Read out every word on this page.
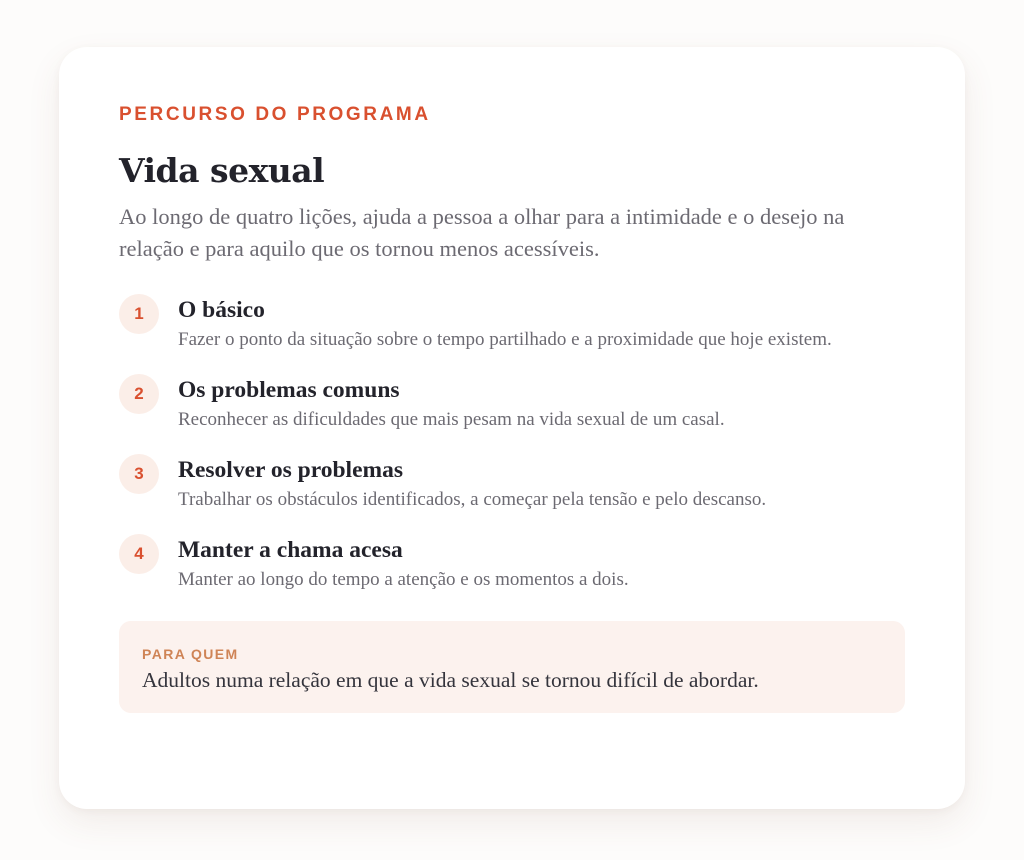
PERCURSO DO PROGRAMA

Vida sexual

Ao longo de quatro lições, ajuda a pessoa a olhar para a intimidade e o desejo na relação e para aquilo que os tornou menos acessíveis.

1	O básico

Fazer o ponto da situação sobre o tempo partilhado e a proximidade que hoje existem.

2	Os problemas comuns

Reconhecer as dificuldades que mais pesam na vida sexual de um casal.

3	Resolver os problemas

Trabalhar os obstáculos identificados, a começar pela tensão e pelo descanso.

4	Manter a chama acesa

Manter ao longo do tempo a atenção e os momentos a dois.

PARA QUEM

Adultos numa relação em que a vida sexual se tornou difícil de abordar.
